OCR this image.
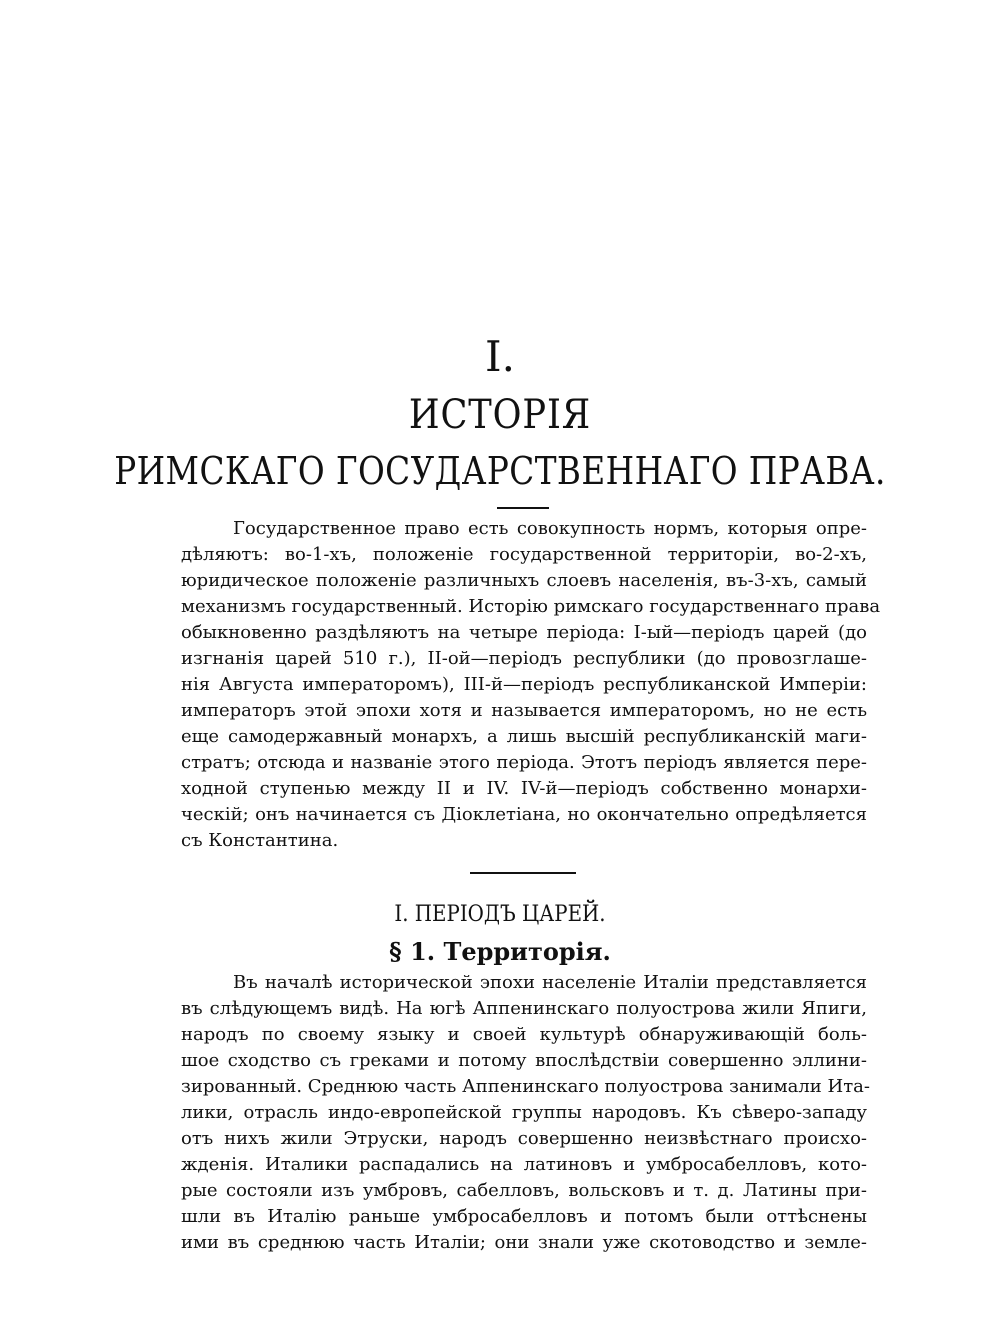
I.
ИСТОРІЯ
РИМСКАГО ГОСУДАРСТВЕННАГО ПРАВА.
Государственное право есть совокупность нормъ, которыя опре-
дѣляютъ: во-1-хъ, положеніе государственной территоріи, во-2-хъ,
юридическое положеніе различныхъ слоевъ населенія, въ-3-хъ, самый
механизмъ государственный. Исторію римскаго государственнаго права
обыкновенно раздѣляютъ на четыре періода: I-ый—періодъ царей (до
изгнанія царей 510 г.), II-ой—періодъ республики (до провозглаше-
нія Августа императоромъ), III-й—періодъ республиканской Имперіи:
императоръ этой эпохи хотя и называется императоромъ, но не есть
еще самодержавный монархъ, а лишь высшій республиканскій маги-
стратъ; отсюда и названіе этого періода. Этотъ періодъ является пере-
ходной ступенью между II и IV. IV-й—періодъ собственно монархи-
ческій; онъ начинается съ Діоклетіана, но окончательно опредѣляется
съ Константина.
I. ПЕРІОДЪ ЦАРЕЙ.
§ 1. Территорія.
Въ началѣ исторической эпохи населеніе Италіи представляется
въ слѣдующемъ видѣ. На югѣ Аппенинскаго полуострова жили Япиги,
народъ по своему языку и своей культурѣ обнаруживающій боль-
шое сходство съ греками и потому впослѣдствіи совершенно эллини-
зированный. Среднюю часть Аппенинскаго полуострова занимали Ита-
лики, отрасль индо-европейской группы народовъ. Къ сѣверо-западу
отъ нихъ жили Этруски, народъ совершенно неизвѣстнаго происхо-
жденія. Италики распадались на латиновъ и умбросабелловъ, кото-
рые состояли изъ умбровъ, сабелловъ, вольсковъ и т. д. Латины при-
шли въ Италію раньше умбросабелловъ и потомъ были оттѣснены
ими въ среднюю часть Италіи; они знали уже скотоводство и земле-
